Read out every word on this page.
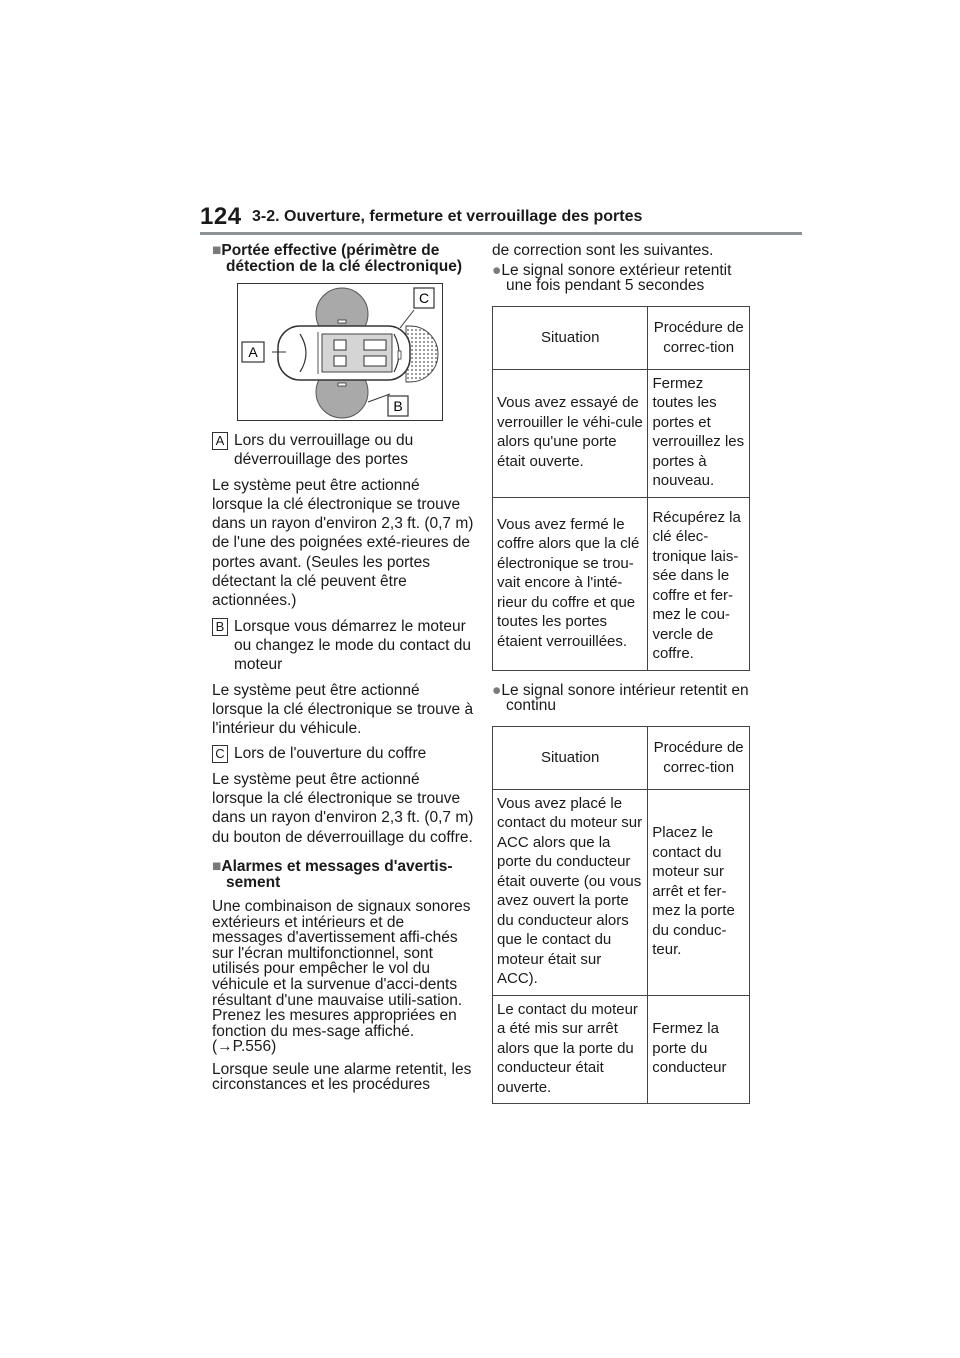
124 3-2. Ouverture, fermeture et verrouillage des portes
■Portée effective (périmètre de détection de la clé électronique)
A
B
C
A Lors du verrouillage ou du déverrouillage des portes

Le système peut être actionné lorsque la clé électronique se trouve dans un rayon d'environ 2,3 ft. (0,7 m) de l'une des poignées exté-rieures de portes avant. (Seules les portes détectant la clé peuvent être actionnées.)

B Lorsque vous démarrez le moteur ou changez le mode du contact du moteur

Le système peut être actionné lorsque la clé électronique se trouve à l'intérieur du véhicule.

C Lors de l'ouverture du coffre

Le système peut être actionné lorsque la clé électronique se trouve dans un rayon d'environ 2,3 ft. (0,7 m) du bouton de déverrouillage du coffre.

■Alarmes et messages d'avertis-sement

Une combinaison de signaux sonores extérieurs et intérieurs et de messages d'avertissement affi-chés sur l'écran multifonctionnel, sont utilisés pour empêcher le vol du véhicule et la survenue d'acci-dents résultant d'une mauvaise utili-sation. Prenez les mesures appropriées en fonction du mes-sage affiché. (→P.556)

Lorsque seule une alarme retentit, les circonstances et les procédures

de correction sont les suivantes.

●Le signal sonore extérieur retentit une fois pendant 5 secondes
Situation	Procédure de correc-tion
Vous avez essayé de verrouiller le véhi-cule alors qu'une porte était ouverte.	Fermez toutes les portes et verrouillez les portes à nouveau.
Vous avez fermé le coffre alors que la clé électronique se trou-vait encore à l'inté-rieur du coffre et que toutes les portes étaient verrouillées.	Récupérez la clé élec-tronique lais-sée dans le coffre et fer-mez le cou-vercle de coffre.
●Le signal sonore intérieur retentit en continu
Situation	Procédure de correc-tion
Vous avez placé le contact du moteur sur ACC alors que la porte du conducteur était ouverte (ou vous avez ouvert la porte du conducteur alors que le contact du moteur était sur ACC).	Placez le contact du moteur sur arrêt et fer-mez la porte du conduc-teur.
Le contact du moteur a été mis sur arrêt alors que la porte du conducteur était ouverte.	Fermez la porte du conducteur
